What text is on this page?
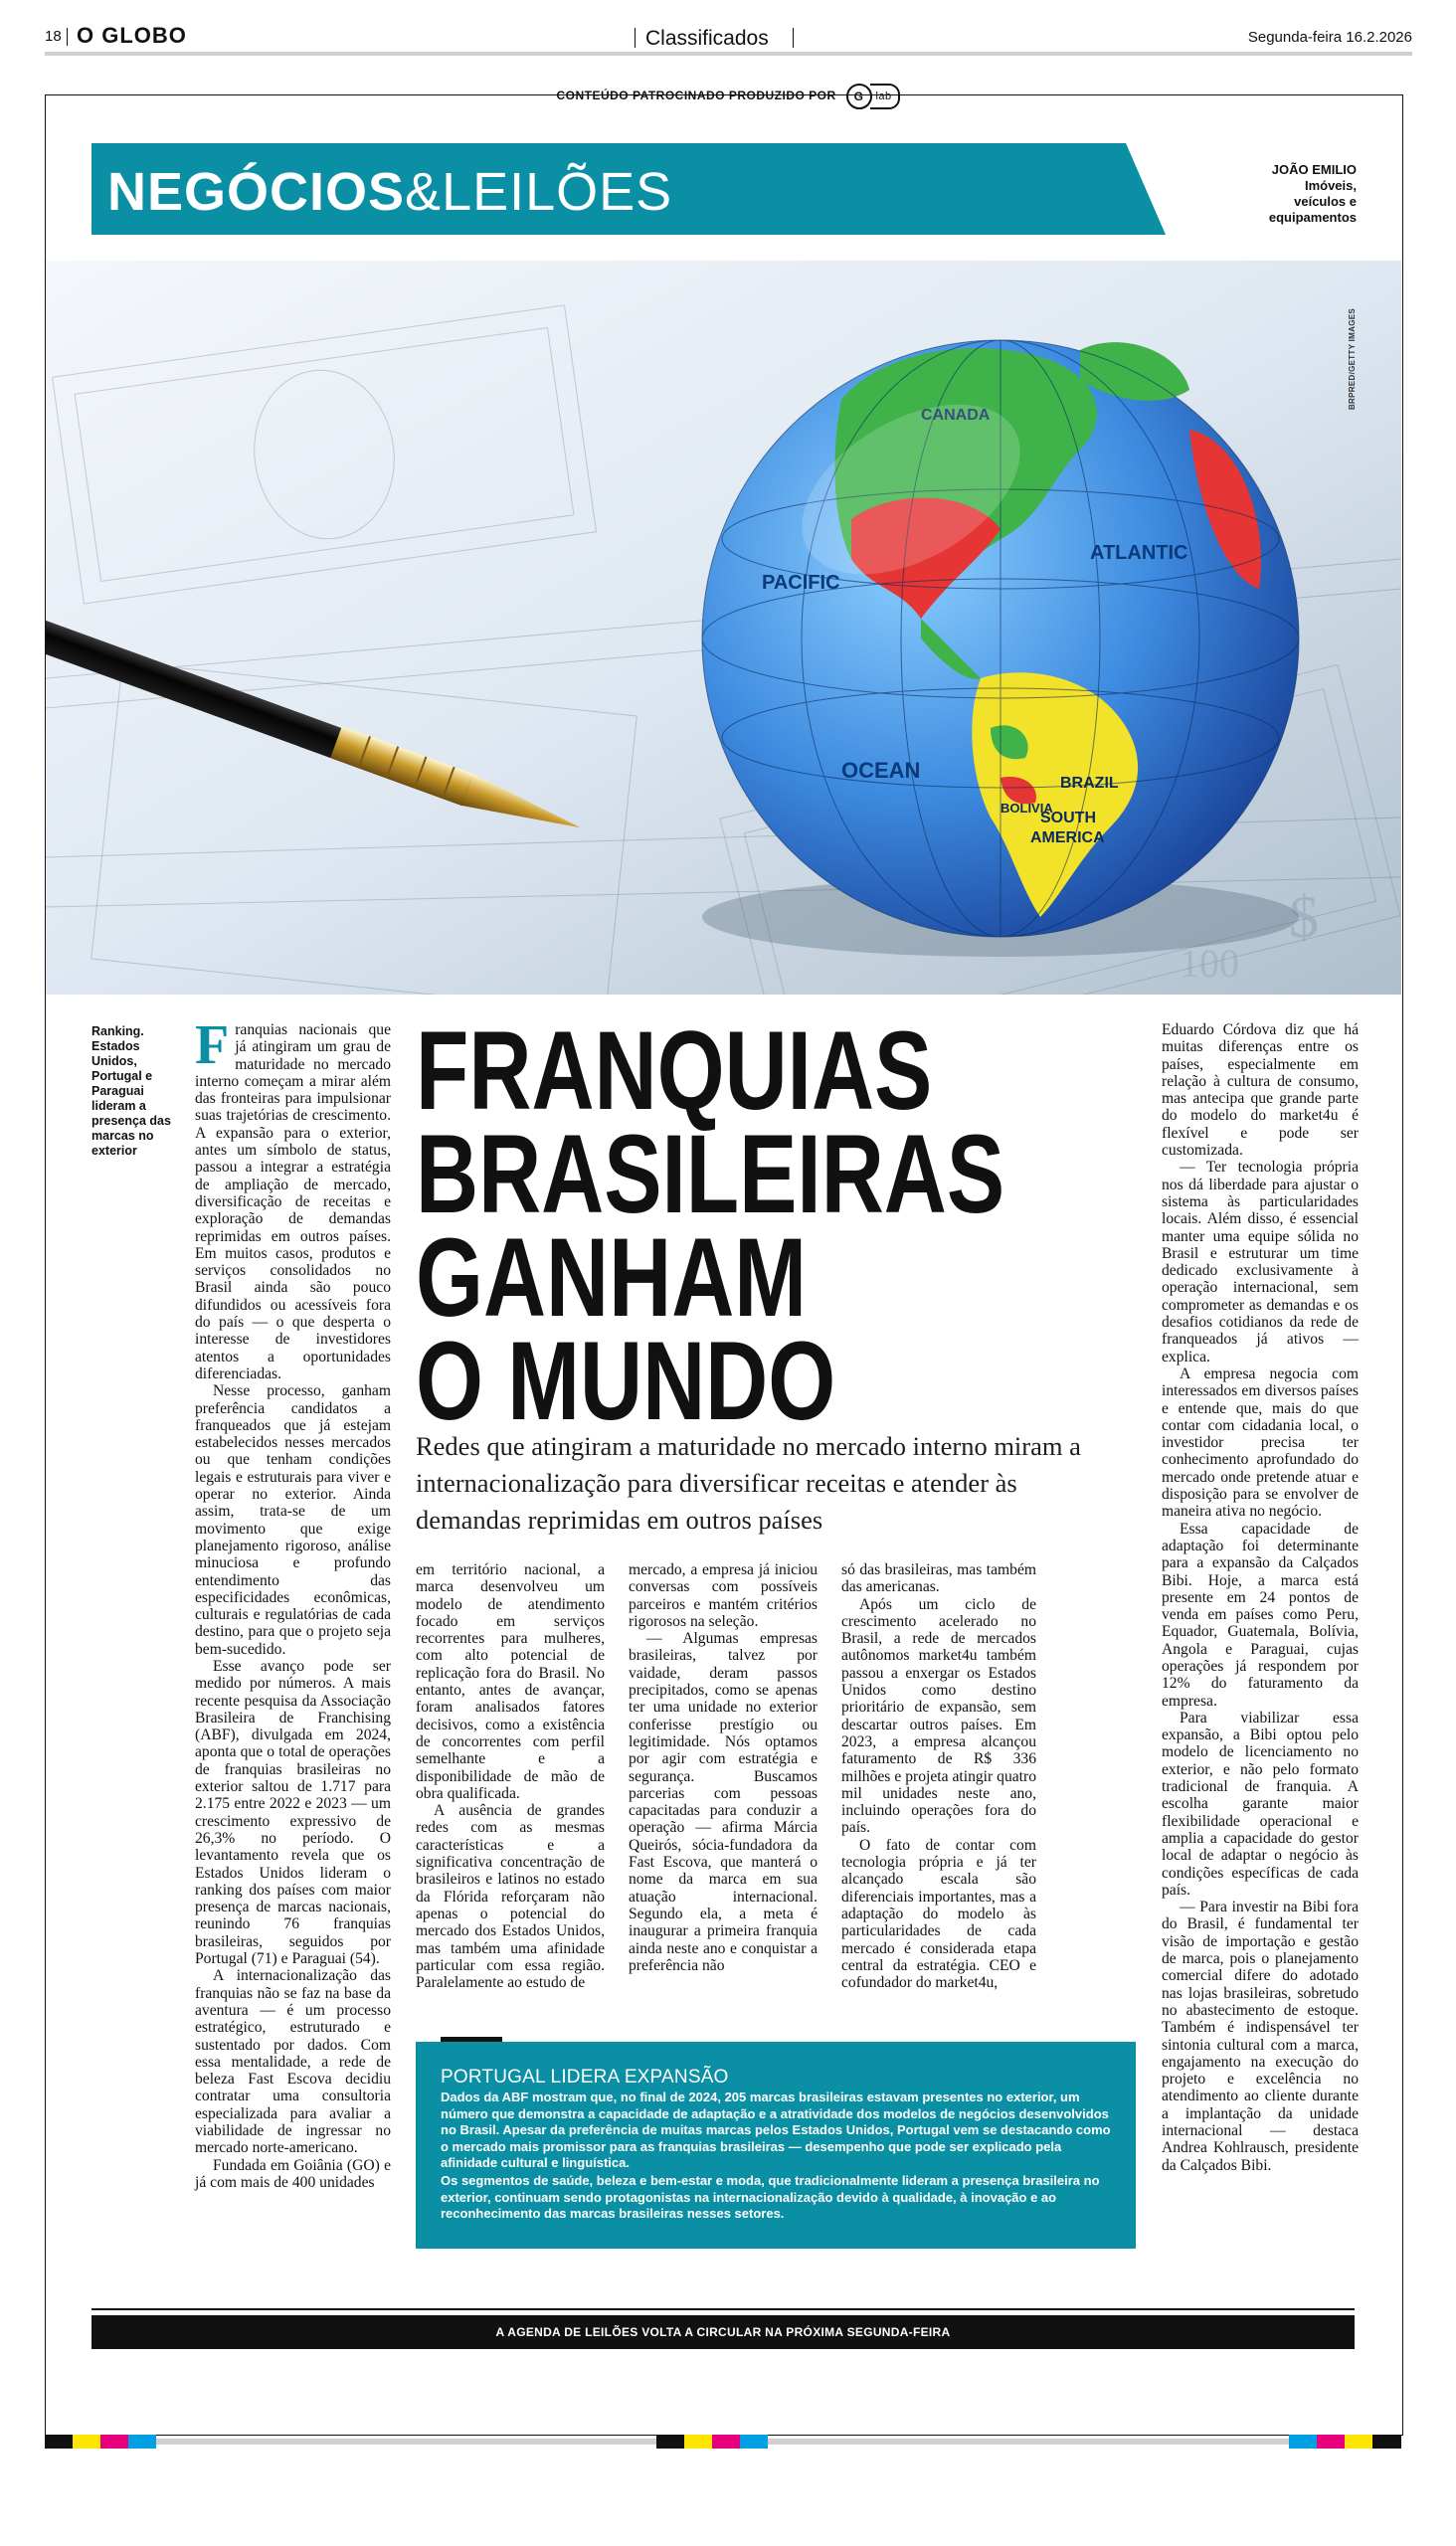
18 O GLOBO	Classificados	Segunda-feira 16.2.2026
CONTEÚDO PATROCINADO PRODUZIDO POR G lab
NEGÓCIOS&LEILÕES	JOÃO EMILIO
Imóveis,
veículos e
equipamentos
$
100
CANADA
ATLANTIC
PACIFIC
OCEAN
BRAZIL
SOUTH
AMERICA
BOLIVIA
BRPRED/GETTY IMAGES
Ranking. Estados Unidos, Portugal e Paraguai lideram a presença das marcas no exterior

Franquias nacionais que já atingiram um grau de maturidade no mercado interno começam a mirar além das fronteiras para impulsionar suas trajetórias de crescimento. A expansão para o exterior, antes um símbolo de status, passou a integrar a estratégia de ampliação de mercado, diversificação de receitas e exploração de demandas reprimidas em outros países. Em muitos casos, produtos e serviços consolidados no Brasil ainda são pouco difundidos ou acessíveis fora do país — o que desperta o interesse de investidores atentos a oportunidades diferenciadas.

Nesse processo, ganham preferência candidatos a franqueados que já estejam estabelecidos nesses mercados ou que tenham condições legais e estruturais para viver e operar no exterior. Ainda assim, trata-se de um movimento que exige planejamento rigoroso, análise minuciosa e profundo entendimento das especificidades econômicas, culturais e regulatórias de cada destino, para que o projeto seja bem-sucedido.

Esse avanço pode ser medido por números. A mais recente pesquisa da Associação Brasileira de Franchising (ABF), divulgada em 2024, aponta que o total de operações de franquias brasileiras no exterior saltou de 1.717 para 2.175 entre 2022 e 2023 — um crescimento expressivo de 26,3% no período. O levantamento revela que os Estados Unidos lideram o ranking dos países com maior presença de marcas nacionais, reunindo 76 franquias brasileiras, seguidos por Portugal (71) e Paraguai (54).

A internacionalização das franquias não se faz na base da aventura — é um processo estratégico, estruturado e sustentado por dados. Com essa mentalidade, a rede de beleza Fast Escova decidiu contratar uma consultoria especializada para avaliar a viabilidade de ingressar no mercado norte-americano.

Fundada em Goiânia (GO) e já com mais de 400 unidades

FRANQUIAS
BRASILEIRAS
GANHAM
O MUNDO
Redes que atingiram a maturidade no mercado interno miram a internacionalização para diversificar receitas e atender às demandas reprimidas em outros países

em território nacional, a marca desenvolveu um modelo de atendimento focado em serviços recorrentes para mulheres, com alto potencial de replicação fora do Brasil. No entanto, antes de avançar, foram analisados fatores decisivos, como a existência de concorrentes com perfil semelhante e a disponibilidade de mão de obra qualificada.

A ausência de grandes redes com as mesmas características e a significativa concentração de brasileiros e latinos no estado da Flórida reforçaram não apenas o potencial do mercado dos Estados Unidos, mas também uma afinidade particular com essa região. Paralelamente ao estudo de

mercado, a empresa já iniciou conversas com possíveis parceiros e mantém critérios rigorosos na seleção.

— Algumas empresas brasileiras, talvez por vaidade, deram passos precipitados, como se apenas ter uma unidade no exterior conferisse prestígio ou legitimidade. Nós optamos por agir com estratégia e segurança. Buscamos parcerias com pessoas capacitadas para conduzir a operação — afirma Márcia Queirós, sócia-fundadora da Fast Escova, que manterá o nome da marca em sua atuação internacional. Segundo ela, a meta é inaugurar a primeira franquia ainda neste ano e conquistar a preferência não

só das brasileiras, mas também das americanas.

Após um ciclo de crescimento acelerado no Brasil, a rede de mercados autônomos market4u também passou a enxergar os Estados Unidos como destino prioritário de expansão, sem descartar outros países. Em 2023, a empresa alcançou faturamento de R$ 336 milhões e projeta atingir quatro mil unidades neste ano, incluindo operações fora do país.

O fato de contar com tecnologia própria e já ter alcançado escala são diferenciais importantes, mas a adaptação do modelo às particularidades de cada mercado é considerada etapa central da estratégia. CEO e cofundador do market4u,

Eduardo Córdova diz que há muitas diferenças entre os países, especialmente em relação à cultura de consumo, mas antecipa que grande parte do modelo do market4u é flexível e pode ser customizada.

— Ter tecnologia própria nos dá liberdade para ajustar o sistema às particularidades locais. Além disso, é essencial manter uma equipe sólida no Brasil e estruturar um time dedicado exclusivamente à operação internacional, sem comprometer as demandas e os desafios cotidianos da rede de franqueados já ativos — explica.

A empresa negocia com interessados em diversos países e entende que, mais do que contar com cidadania local, o investidor precisa ter conhecimento aprofundado do mercado onde pretende atuar e disposição para se envolver de maneira ativa no negócio.

Essa capacidade de adaptação foi determinante para a expansão da Calçados Bibi. Hoje, a marca está presente em 24 pontos de venda em países como Peru, Equador, Guatemala, Bolívia, Angola e Paraguai, cujas operações já respondem por 12% do faturamento da empresa.

Para viabilizar essa expansão, a Bibi optou pelo modelo de licenciamento no exterior, e não pelo formato tradicional de franquia. A escolha garante maior flexibilidade operacional e amplia a capacidade do gestor local de adaptar o negócio às condições específicas de cada país.

— Para investir na Bibi fora do Brasil, é fundamental ter visão de importação e gestão de marca, pois o planejamento comercial difere do adotado nas lojas brasileiras, sobretudo no abastecimento de estoque. Também é indispensável ter sintonia cultural com a marca, engajamento na execução do projeto e excelência no atendimento ao cliente durante a implantação da unidade internacional — destaca Andrea Kohlrausch, presidente da Calçados Bibi.

PORTUGAL LIDERA EXPANSÃO
Dados da ABF mostram que, no final de 2024, 205 marcas brasileiras estavam presentes no exterior, um número que demonstra a capacidade de adaptação e a atratividade dos modelos de negócios desenvolvidos no Brasil. Apesar da preferência de muitas marcas pelos Estados Unidos, Portugal vem se destacando como o mercado mais promissor para as franquias brasileiras — desempenho que pode ser explicado pela afinidade cultural e linguística.
Os segmentos de saúde, beleza e bem-estar e moda, que tradicionalmente lideram a presença brasileira no exterior, continuam sendo protagonistas na internacionalização devido à qualidade, à inovação e ao reconhecimento das marcas brasileiras nesses setores.
A AGENDA DE LEILÕES VOLTA A CIRCULAR NA PRÓXIMA SEGUNDA-FEIRA
